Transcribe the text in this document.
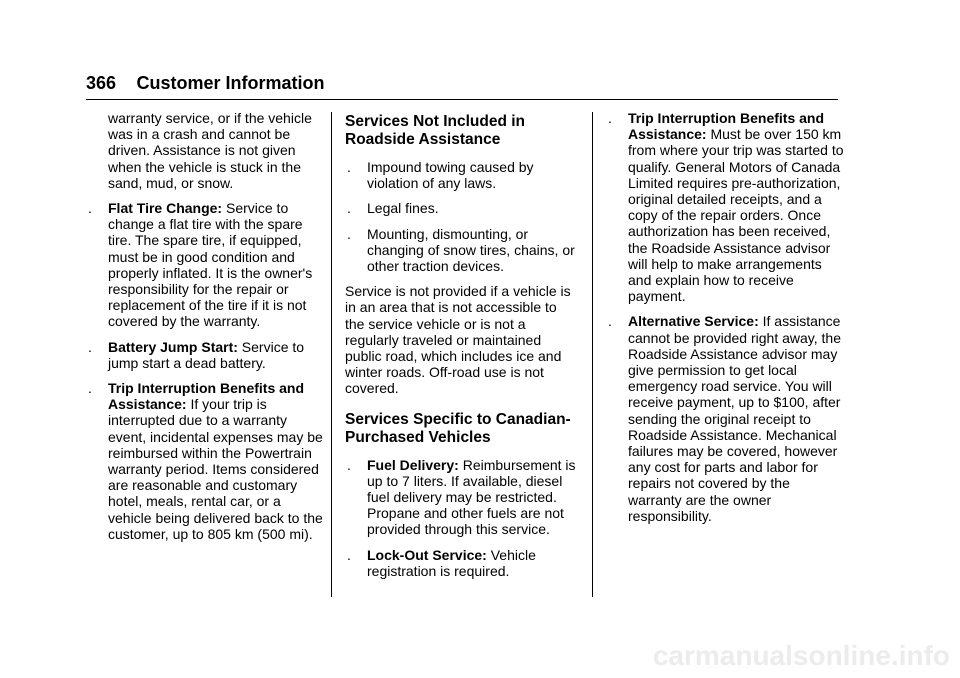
366 Customer Information

warranty service, or if the vehicle was in a crash and cannot be driven. Assistance is not given when the vehicle is stuck in the sand, mud, or snow.

. Flat Tire Change: Service to change a flat tire with the spare tire. The spare tire, if equipped, must be in good condition and properly inflated. It is the owner's responsibility for the repair or replacement of the tire if it is not covered by the warranty.
. Battery Jump Start: Service to jump start a dead battery.
. Trip Interruption Benefits and Assistance: If your trip is interrupted due to a warranty event, incidental expenses may be reimbursed within the Powertrain warranty period. Items considered are reasonable and customary hotel, meals, rental car, or a vehicle being delivered back to the customer, up to 805 km (500 mi).
Services Not Included in Roadside Assistance
. Impound towing caused by violation of any laws.
. Legal fines.
. Mounting, dismounting, or changing of snow tires, chains, or other traction devices.

Service is not provided if a vehicle is in an area that is not accessible to the service vehicle or is not a regularly traveled or maintained public road, which includes ice and winter roads. Off-road use is not covered.

Services Specific to Canadian-Purchased Vehicles
. Fuel Delivery: Reimbursement is up to 7 liters. If available, diesel fuel delivery may be restricted. Propane and other fuels are not provided through this service.
. Lock-Out Service: Vehicle registration is required.
. Trip Interruption Benefits and Assistance: Must be over 150 km from where your trip was started to qualify. General Motors of Canada Limited requires pre-authorization, original detailed receipts, and a copy of the repair orders. Once authorization has been received, the Roadside Assistance advisor will help to make arrangements and explain how to receive payment.
. Alternative Service: If assistance cannot be provided right away, the Roadside Assistance advisor may give permission to get local emergency road service. You will receive payment, up to $100, after sending the original receipt to Roadside Assistance. Mechanical failures may be covered, however any cost for parts and labor for repairs not covered by the warranty are the owner responsibility.
carmanualsonline.info
